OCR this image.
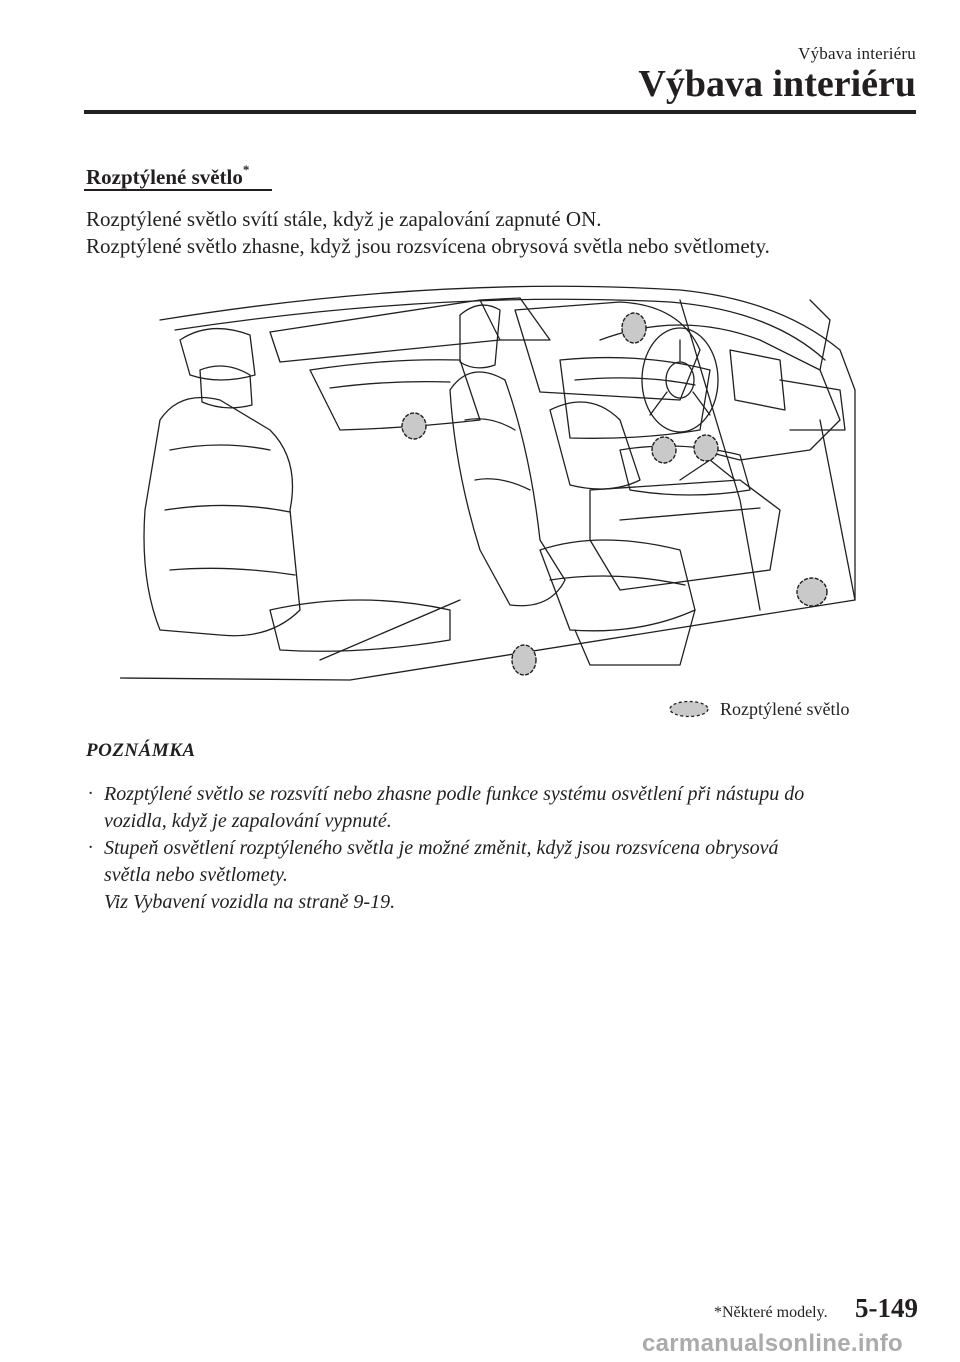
Výbava interiéru
Výbava interiéru
Rozptýlené světlo*
Rozptýlené světlo svítí stále, když je zapalování zapnuté ON.
Rozptýlené světlo zhasne, když jsou rozsvícena obrysová světla nebo světlomety.
Rozptýlené světlo
POZNÁMKA
· Rozptýlené světlo se rozsvítí nebo zhasne podle funkce systému osvětlení při nástupu do
vozidla, když je zapalování vypnuté.
· Stupeň osvětlení rozptýleného světla je možné změnit, když jsou rozsvícena obrysová
světla nebo světlomety.
Viz Vybavení vozidla na straně 9-19.
*Některé modely. 5-149
carmanualsonline.info
